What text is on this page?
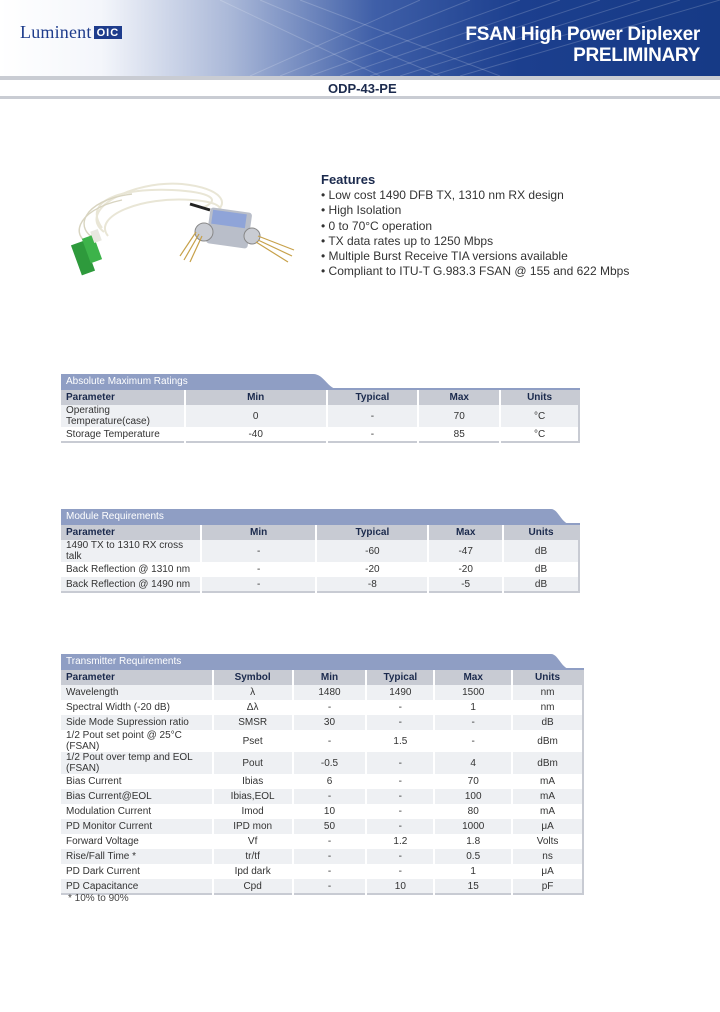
Luminent OIC	FSAN High Power Diplexer
PRELIMINARY
ODP-43-PE
Features
• Low cost 1490 DFB TX, 1310 nm RX design
• High Isolation
• 0 to 70°C operation
• TX data rates up to 1250 Mbps
• Multiple Burst Receive TIA versions available
• Compliant to ITU-T G.983.3 FSAN @ 155 and 622 Mbps
Absolute Maximum Ratings
Parameter	Min	Typical	Max	Units
Operating Temperature(case)	0	-	70	°C
Storage Temperature	-40	-	85	°C
Module Requirements
Parameter	Min	Typical	Max	Units
1490 TX to 1310 RX cross talk	-	-60	-47	dB
Back Reflection @ 1310 nm	-	-20	-20	dB
Back Reflection @ 1490 nm	-	-8	-5	dB
Transmitter Requirements
Parameter	Symbol	Min	Typical	Max	Units
Wavelength	λ	1480	1490	1500	nm
Spectral Width (-20 dB)	Δλ	-	-	1	nm
Side Mode Supression ratio	SMSR	30	-	-	dB
1/2 Pout set point @ 25°C (FSAN)	Pset	-	1.5	-	dBm
1/2 Pout over temp and EOL (FSAN)	Pout	-0.5	-	4	dBm
Bias Current	Ibias	6	-	70	mA
Bias Current@EOL	Ibias,EOL	-	-	100	mA
Modulation Current	Imod	10	-	80	mA
PD Monitor Current	IPD mon	50	-	1000	μA
Forward Voltage	Vf	-	1.2	1.8	Volts
Rise/Fall Time *	tr/tf	-	-	0.5	ns
PD Dark Current	Ipd dark	-	-	1	μA
PD Capacitance	Cpd	-	10	15	pF
* 10% to 90%
